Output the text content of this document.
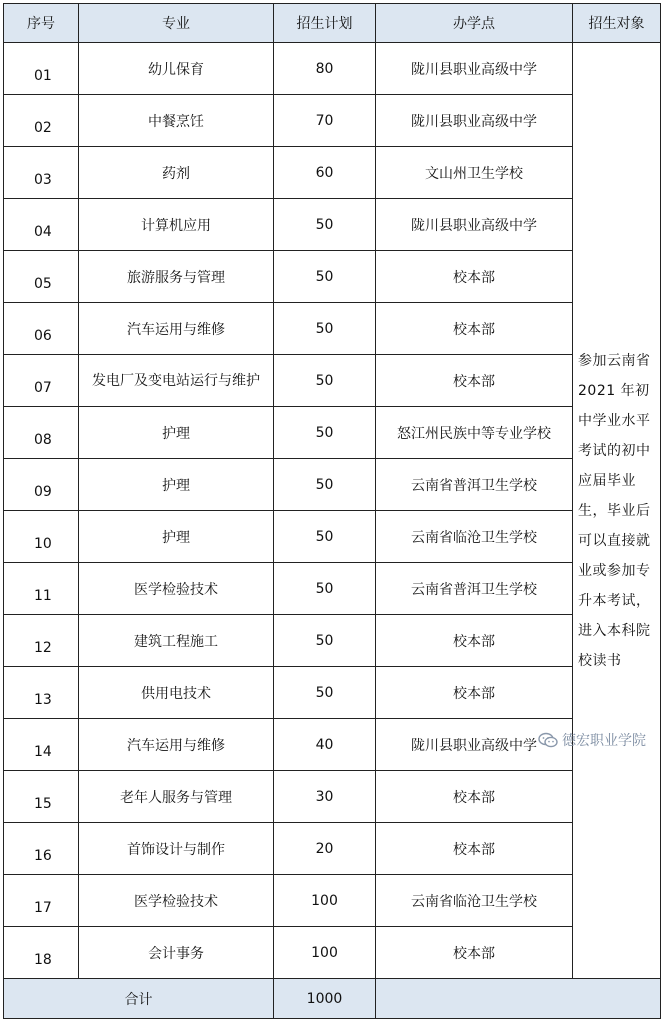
序号	专业	招生计划	办学点	招生对象
01	幼儿保育	80	陇川县职业高级中学	参加云南省 2021 年初中学业水平考试的初中应届毕业生，毕业后可以直接就业或参加专升本考试，进入本科院校读书
02	中餐烹饪	70	陇川县职业高级中学	
03	药剂	60	文山州卫生学校	
04	计算机应用	50	陇川县职业高级中学	
05	旅游服务与管理	50	校本部	
06	汽车运用与维修	50	校本部	
07	发电厂及变电站运行与维护	50	校本部	
08	护理	50	怒江州民族中等专业学校	
09	护理	50	云南省普洱卫生学校	
10	护理	50	云南省临沧卫生学校	
11	医学检验技术	50	云南省普洱卫生学校	
12	建筑工程施工	50	校本部	
13	供用电技术	50	校本部	
14	汽车运用与维修	40	陇川县职业高级中学	
15	老年人服务与管理	30	校本部	
16	首饰设计与制作	20	校本部	
17	医学检验技术	100	云南省临沧卫生学校	
18	会计事务	100	校本部	
合计		1000		
德宏职业学院
